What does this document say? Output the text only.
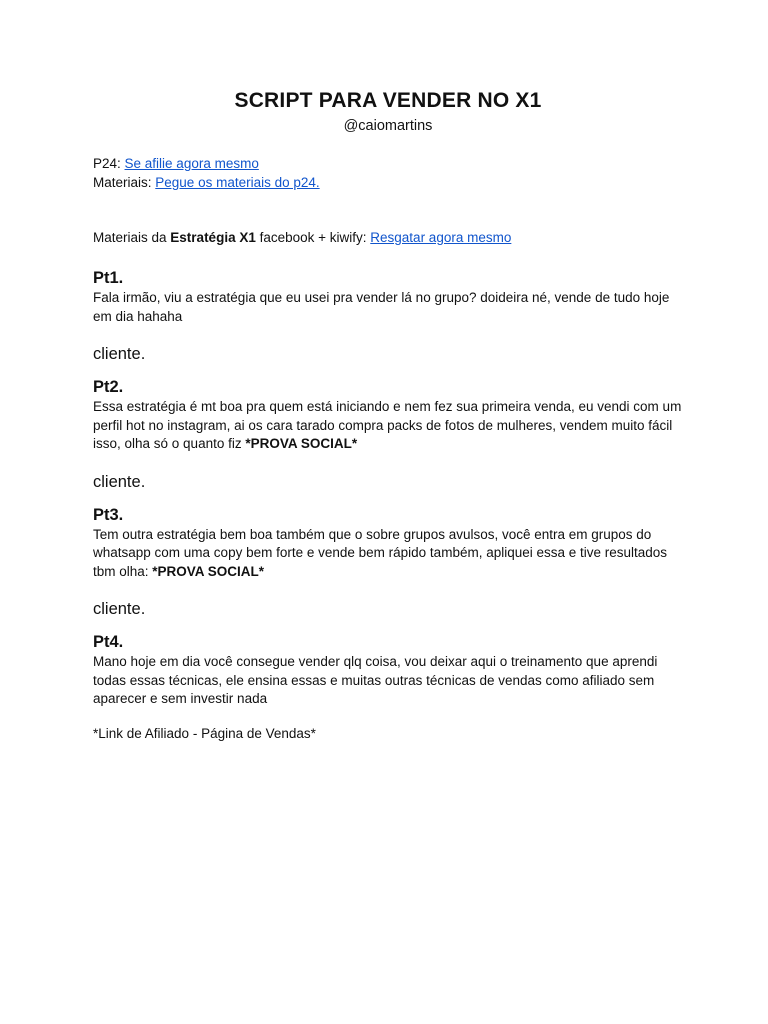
SCRIPT PARA VENDER NO X1
@caiomartins
P24: Se afilie agora mesmo
Materiais: Pegue os materiais do p24.
Materiais da Estratégia X1 facebook + kiwify: Resgatar agora mesmo
Pt1.

Fala irmão, viu a estratégia que eu usei pra vender lá no grupo? doideira né, vende de tudo hoje em dia hahaha

cliente.
Pt2.

Essa estratégia é mt boa pra quem está iniciando e nem fez sua primeira venda, eu vendi com um perfil hot no instagram, ai os cara tarado compra packs de fotos de mulheres, vendem muito fácil isso, olha só o quanto fiz *PROVA SOCIAL*

cliente.
Pt3.

Tem outra estratégia bem boa também que o sobre grupos avulsos, você entra em grupos do whatsapp com uma copy bem forte e vende bem rápido também, apliquei essa e tive resultados tbm olha: *PROVA SOCIAL*

cliente.
Pt4.

Mano hoje em dia você consegue vender qlq coisa, vou deixar aqui o treinamento que aprendi todas essas técnicas, ele ensina essas e muitas outras técnicas de vendas como afiliado sem aparecer e sem investir nada

*Link de Afiliado - Página de Vendas*
